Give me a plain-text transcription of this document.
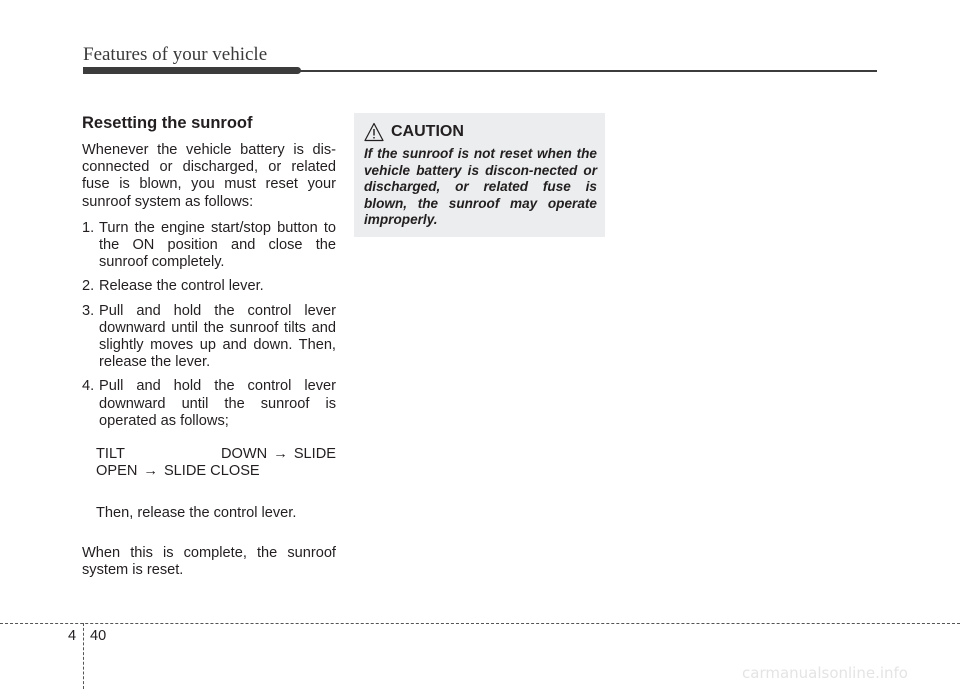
Features of your vehicle
Resetting the sunroof

Whenever the vehicle battery is dis-connected or discharged, or related fuse is blown, you must reset your sunroof system as follows:

1. Turn the engine start/stop button to the ON position and close the sunroof completely.
2. Release the control lever.
3. Pull and hold the control lever downward until the sunroof tilts and slightly moves up and down. Then, release the lever.
4. Pull and hold the control lever downward until the sunroof is operated as follows;
TILT DOWN → SLIDE OPEN → SLIDE CLOSE
Then, release the control lever.

When this is complete, the sunroof system is reset.

CAUTION

If the sunroof is not reset when the vehicle battery is discon-nected or discharged, or related fuse is blown, the sunroof may operate improperly.

4 40
carmanualsonline.info
